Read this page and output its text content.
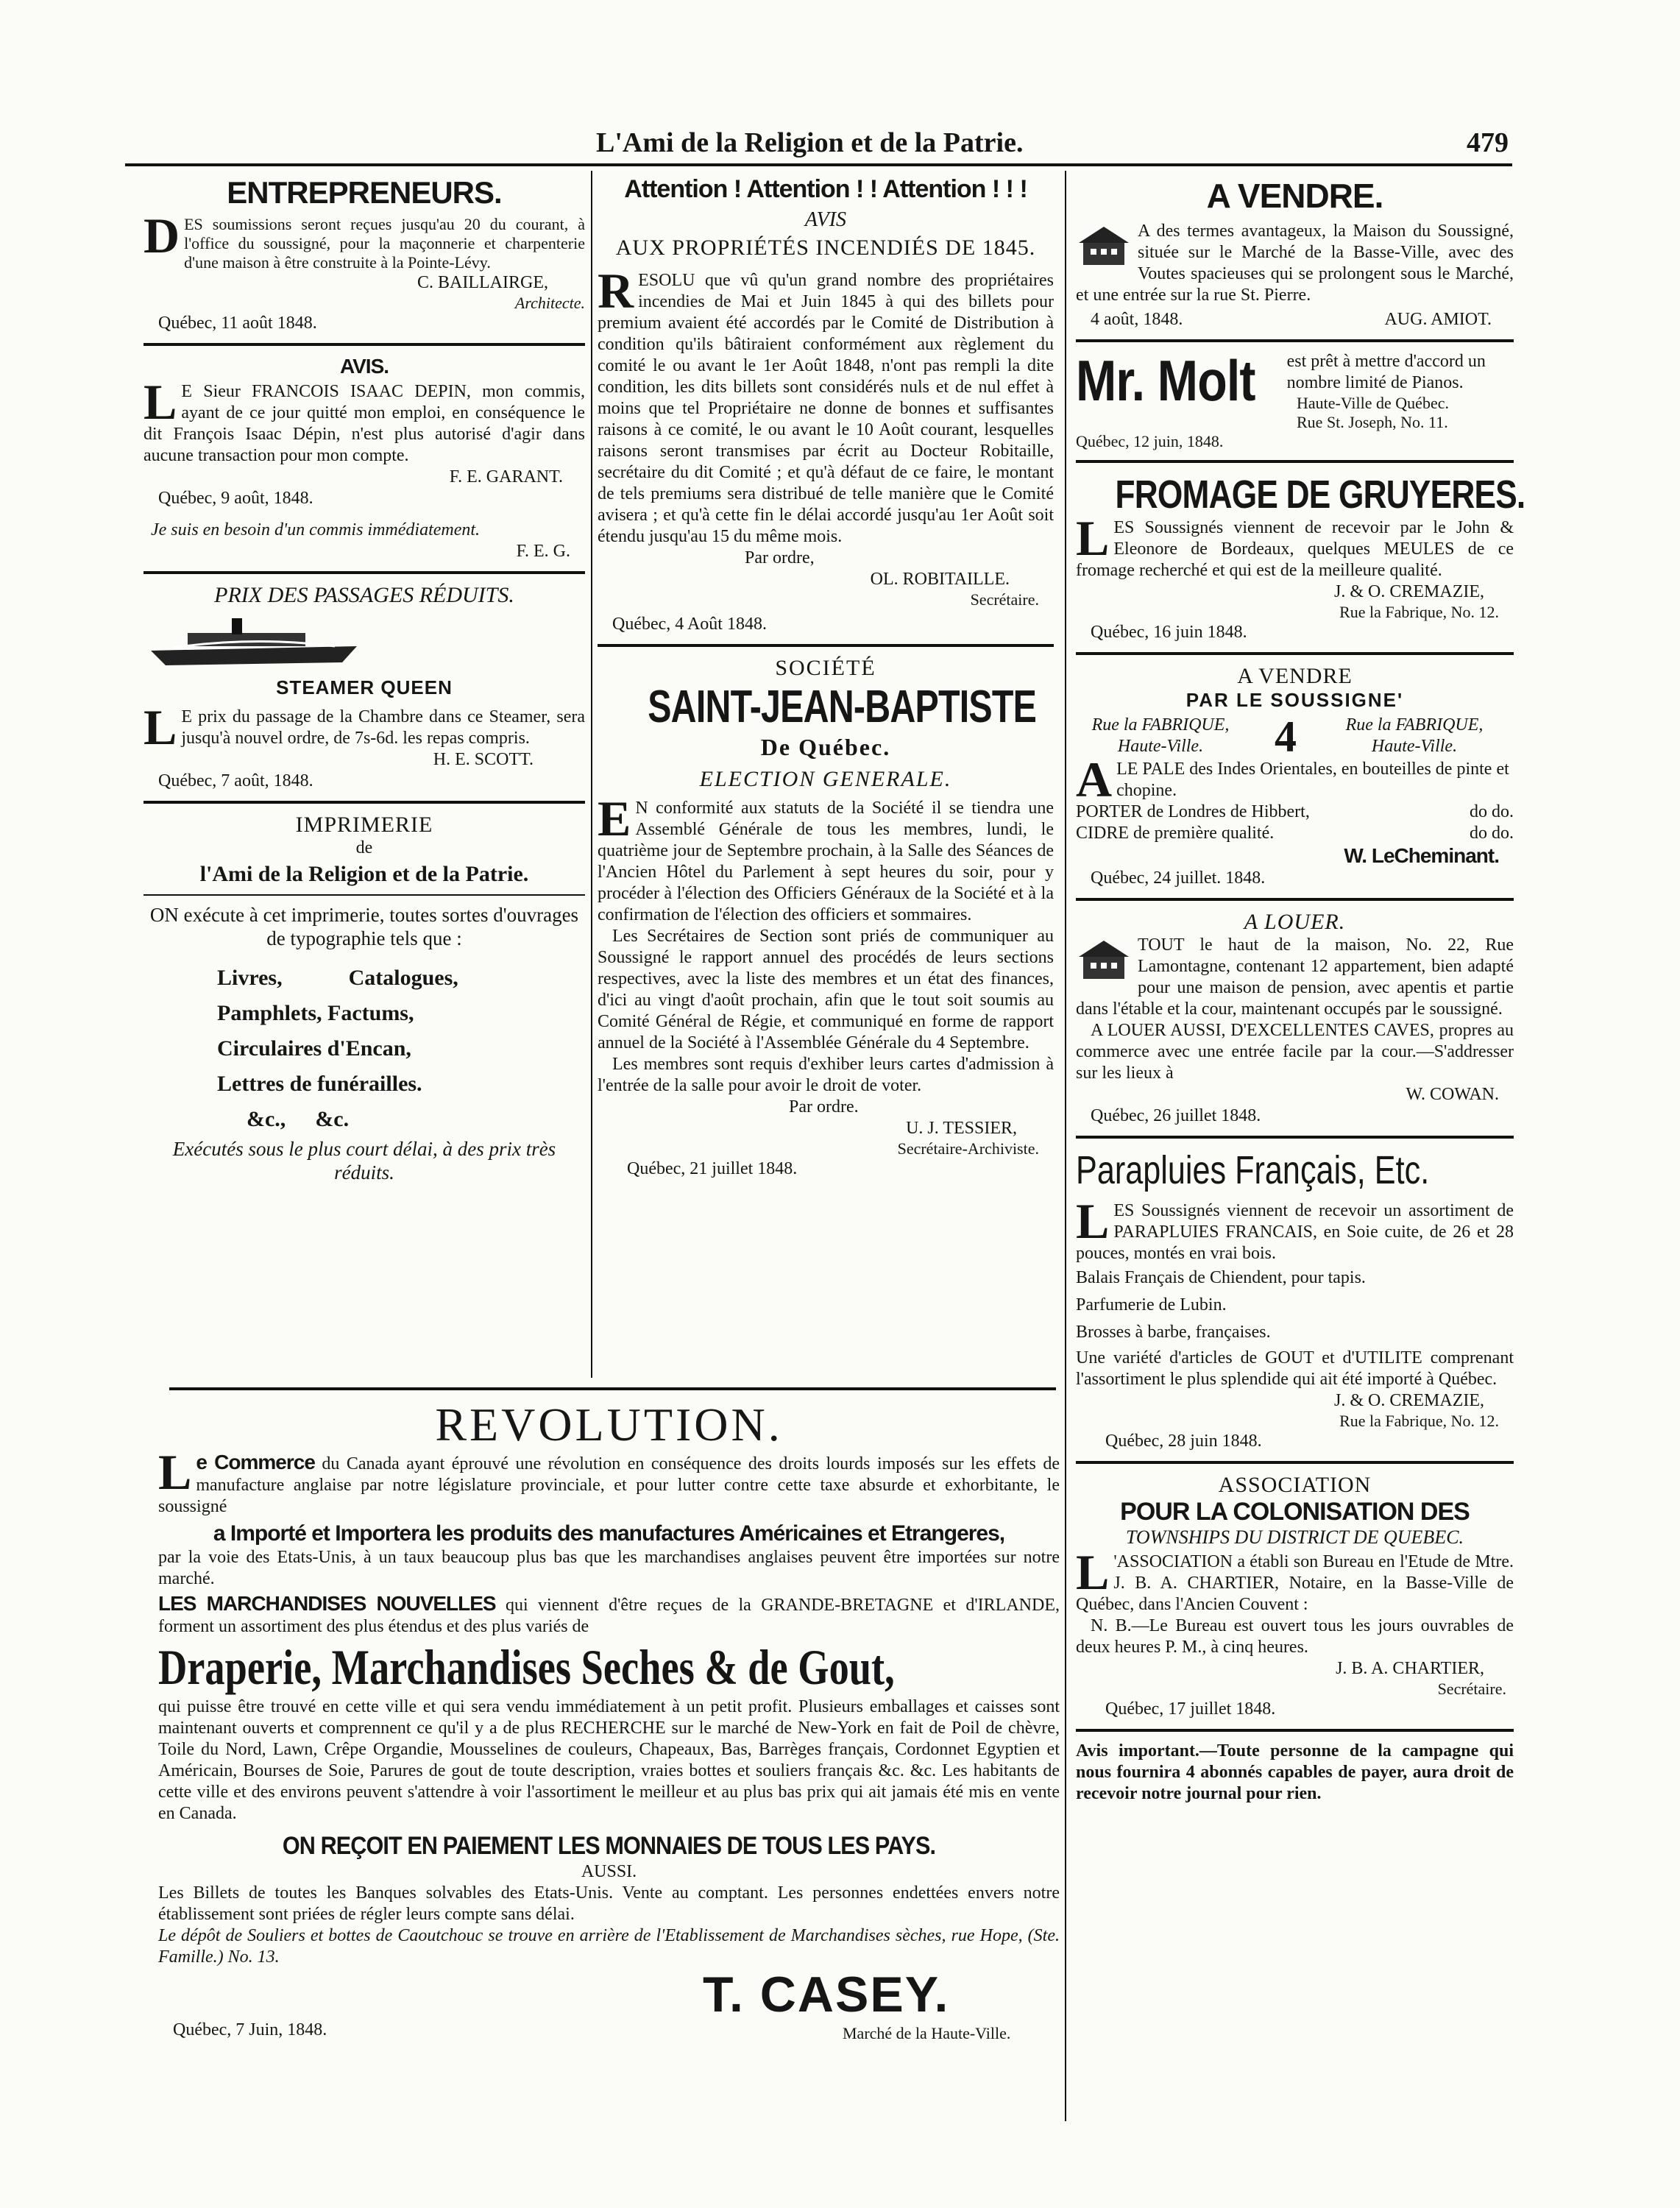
L'Ami de la Religion et de la Patrie.	479
ENTREPRENEURS.
DES soumissions seront reçues jusqu'au 20 du courant, à l'office du soussigné, pour la maçonnerie et charpenterie d'une maison à être construite à la Pointe-Lévy.
C. BAILLAIRGE,
Architecte.
Québec, 11 août 1848.
AVIS.
L E Sieur FRANCOIS ISAAC DEPIN, mon commis, ayant de ce jour quitté mon emploi, en conséquence le dit François Isaac Dépin, n'est plus autorisé d'agir dans aucune transaction pour mon compte.
F. E. GARANT.
Québec, 9 août, 1848.
Je suis en besoin d'un commis immédiatement.
F. E. G.
PRIX DES PASSAGES RÉDUITS.
STEAMER QUEEN
L E prix du passage de la Chambre dans ce Steamer, sera jusqu'à nouvel ordre, de 7s-6d. les repas compris.
H. E. SCOTT.
Québec, 7 août, 1848.
IMPRIMERIE
de
l'Ami de la Religion et de la Patrie.
ON exécute à cet imprimerie, toutes sortes d'ouvrages de typographie tels que :
Livres,	Catalogues,
Pamphlets, Factums,
Circulaires d'Encan,
Lettres de funérailles.
&c., &c.
Exécutés sous le plus court délai, à des prix très réduits.
Attention ! Attention ! ! Attention ! ! !
AVIS
AUX PROPRIÉTÉS INCENDIÉS DE 1845.
RESOLU que vû qu'un grand nombre des propriétaires incendies de Mai et Juin 1845 à qui des billets pour premium avaient été accordés par le Comité de Distribution à condition qu'ils bâtiraient conformément aux règlement du comité le ou avant le 1er Août 1848, n'ont pas rempli la dite condition, les dits billets sont considérés nuls et de nul effet à moins que tel Propriétaire ne donne de bonnes et suffisantes raisons à ce comité, le ou avant le 10 Août courant, lesquelles raisons seront transmises par écrit au Docteur Robitaille, secrétaire du dit Comité ; et qu'à défaut de ce faire, le montant de tels premiums sera distribué de telle manière que le Comité avisera ; et qu'à cette fin le délai accordé jusqu'au 1er Août soit étendu jusqu'au 15 du même mois.
Par ordre,
OL. ROBITAILLE.
Secrétaire.
Québec, 4 Août 1848.
SOCIÉTÉ
SAINT-JEAN-BAPTISTE
De Québec.
ELECTION GENERALE.
E N conformité aux statuts de la Société il se tiendra une Assemblé Générale de tous les membres, lundi, le quatrième jour de Septembre prochain, à la Salle des Séances de l'Ancien Hôtel du Parlement à sept heures du soir, pour y procéder à l'élection des Officiers Généraux de la Société et à la confirmation de l'élection des officiers et sommaires.
Les Secrétaires de Section sont priés de communiquer au Soussigné le rapport annuel des procédés de leurs sections respectives, avec la liste des membres et un état des finances, d'ici au vingt d'août prochain, afin que le tout soit soumis au Comité Général de Régie, et communiqué en forme de rapport annuel de la Société à l'Assemblée Générale du 4 Septembre.
Les membres sont requis d'exhiber leurs cartes d'admission à l'entrée de la salle pour avoir le droit de voter.
Par ordre.
U. J. TESSIER,
Secrétaire-Archiviste.
Québec, 21 juillet 1848.
A VENDRE.
A des termes avantageux, la Maison du Soussigné, située sur le Marché de la Basse-Ville, avec des Voutes spacieuses qui se prolongent sous le Marché, et une entrée sur la rue St. Pierre.
4 août, 1848.	AUG. AMIOT.
Mr. Molt est prêt à mettre d'accord un nombre limité de Pianos.
Haute-Ville de Québec.
Rue St. Joseph, No. 11.
Québec, 12 juin, 1848.
FROMAGE DE GRUYERES.
LES Soussignés viennent de recevoir par le John & Eleonore de Bordeaux, quelques MEULES de ce fromage recherché et qui est de la meilleure qualité.
J. & O. CREMAZIE,
Rue la Fabrique, No. 12.
Québec, 16 juin 1848.
A VENDRE
PAR LE SOUSSIGNE'
Rue la FABRIQUE, Haute-Ville.	4	Rue la FABRIQUE, Haute-Ville.
ALE PALE des Indes Orientales, en bouteilles de pinte et chopine.
PORTER de Londres de Hibbert,	do do.
CIDRE de première qualité.	do do.
W. LeCheminant.
Québec, 24 juillet. 1848.
A LOUER.
TOUT le haut de la maison, No. 22, Rue Lamontagne, contenant 12 appartement, bien adapté pour une maison de pension, avec apentis et partie dans l'étable et la cour, maintenant occupés par le soussigné.
A LOUER AUSSI, D'EXCELLENTES CAVES, propres au commerce avec une entrée facile par la cour.—S'addresser sur les lieux à
W. COWAN.
Québec, 26 juillet 1848.
Parapluies Français, Etc.
LES Soussignés viennent de recevoir un assortiment de PARAPLUIES FRANCAIS, en Soie cuite, de 26 et 28 pouces, montés en vrai bois.
Balais Français de Chiendent, pour tapis.
Parfumerie de Lubin.
Brosses à barbe, françaises.
Une variété d'articles de GOUT et d'UTILITE comprenant l'assortiment le plus splendide qui ait été importé à Québec.
J. & O. CREMAZIE,
Rue la Fabrique, No. 12.
Québec, 28 juin 1848.
ASSOCIATION
POUR LA COLONISATION DES
TOWNSHIPS DU DISTRICT DE QUEBEC.
L 'ASSOCIATION a établi son Bureau en l'Etude de Mtre. J. B. A. CHARTIER, Notaire, en la Basse-Ville de Québec, dans l'Ancien Couvent :
N. B.—Le Bureau est ouvert tous les jours ouvrables de deux heures P. M., à cinq heures.
J. B. A. CHARTIER,
Secrétaire.
Québec, 17 juillet 1848.
Avis important.—Toute personne de la campagne qui nous fournira 4 abonnés capables de payer, aura droit de recevoir notre journal pour rien.
REVOLUTION.
Le Commerce du Canada ayant éprouvé une révolution en conséquence des droits lourds imposés sur les effets de manufacture anglaise par notre législature provinciale, et pour lutter contre cette taxe absurde et exhorbitante, le soussigné
a Importé et Importera les produits des manufactures Américaines et Etrangeres,
par la voie des Etats-Unis, à un taux beaucoup plus bas que les marchandises anglaises peuvent être importées sur notre marché.
LES MARCHANDISES NOUVELLES qui viennent d'être reçues de la GRANDE-BRETAGNE et d'IRLANDE, forment un assortiment des plus étendus et des plus variés de
Draperie, Marchandises Seches & de Gout,
qui puisse être trouvé en cette ville et qui sera vendu immédiatement à un petit profit. Plusieurs emballages et caisses sont maintenant ouverts et comprennent ce qu'il y a de plus RECHERCHE sur le marché de New-York en fait de Poil de chèvre, Toile du Nord, Lawn, Crêpe Organdie, Mousselines de couleurs, Chapeaux, Bas, Barrèges français, Cordonnet Egyptien et Américain, Bourses de Soie, Parures de gout de toute description, vraies bottes et souliers français &c. &c. Les habitants de cette ville et des environs peuvent s'attendre à voir l'assortiment le meilleur et au plus bas prix qui ait jamais été mis en vente en Canada.
ON REÇOIT EN PAIEMENT LES MONNAIES DE TOUS LES PAYS.
AUSSI.
Les Billets de toutes les Banques solvables des Etats-Unis. Vente au comptant. Les personnes endettées envers notre établissement sont priées de régler leurs compte sans délai.
Le dépôt de Souliers et bottes de Caoutchouc se trouve en arrière de l'Etablissement de Marchandises sèches, rue Hope, (Ste. Famille.) No. 13.
Québec, 7 Juin, 1848.
T. CASEY.
Marché de la Haute-Ville.
